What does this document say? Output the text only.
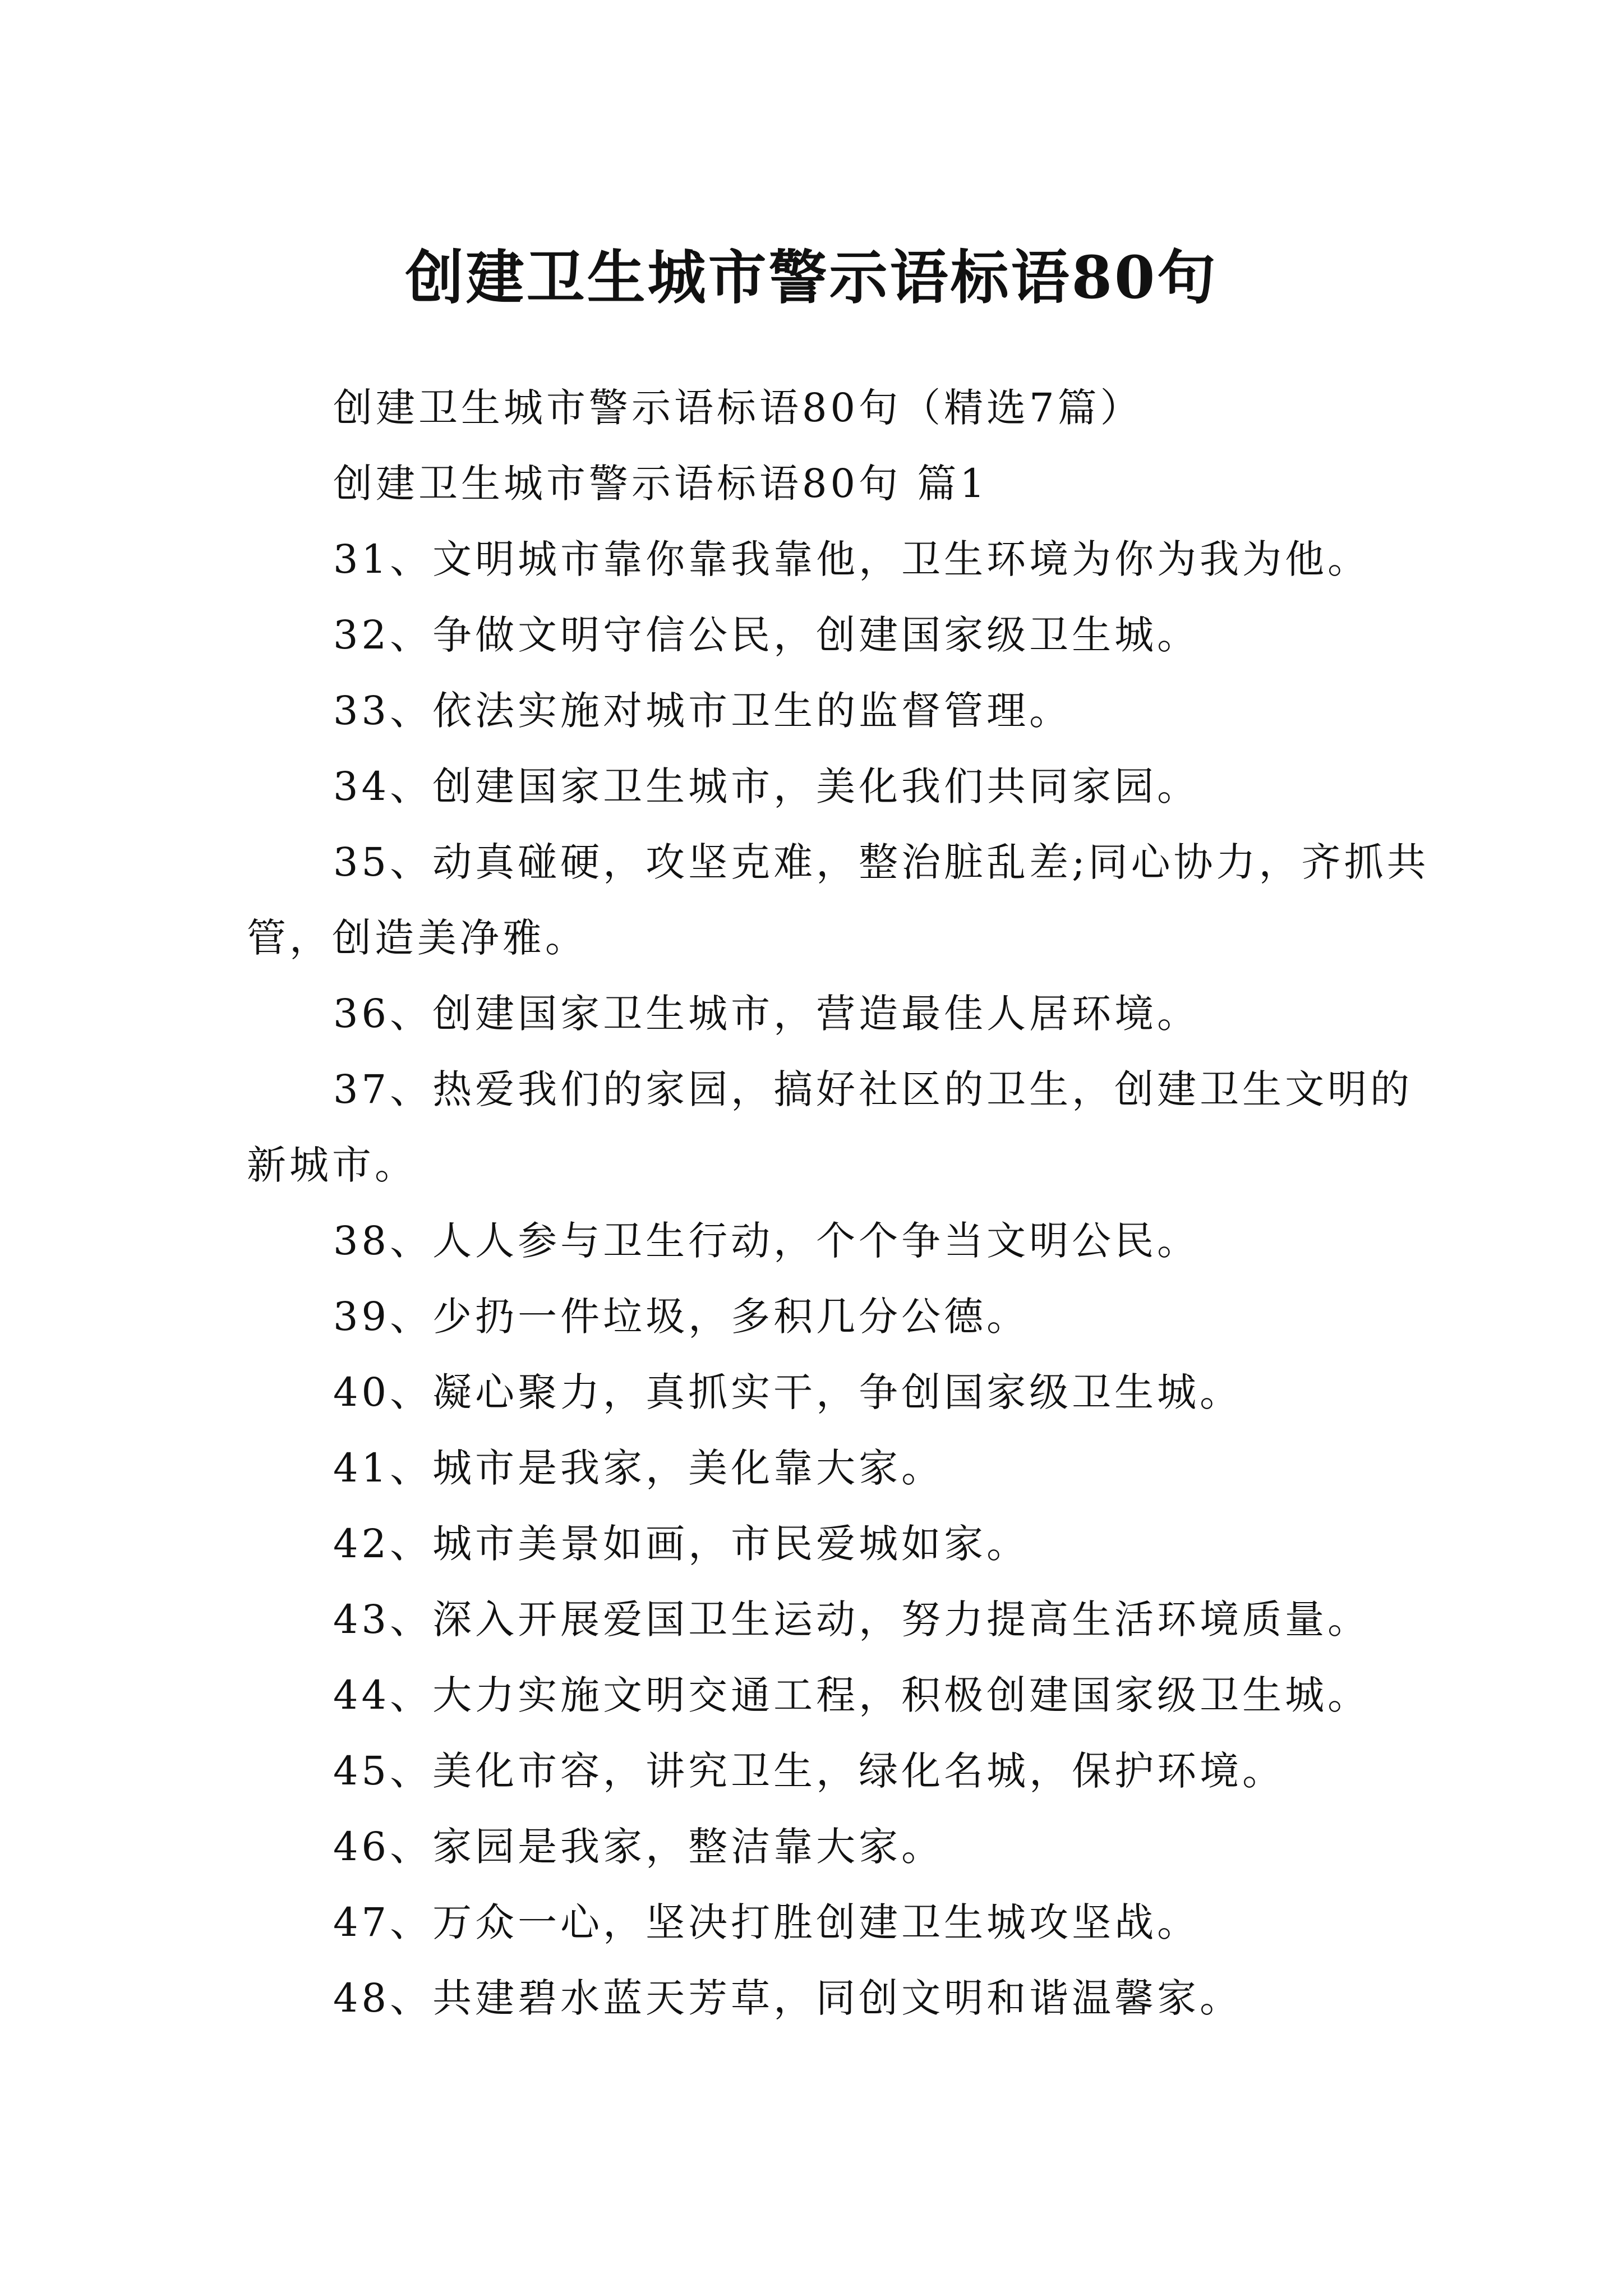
创建卫生城市警示语标语80句

创建卫生城市警示语标语80句（精选7篇）

创建卫生城市警示语标语80句 篇1

31、文明城市靠你靠我靠他，卫生环境为你为我为他。

32、争做文明守信公民，创建国家级卫生城。

33、依法实施对城市卫生的监督管理。

34、创建国家卫生城市，美化我们共同家园。

35、动真碰硬，攻坚克难，整治脏乱差;同心协力，齐抓共管，创造美净雅。

36、创建国家卫生城市，营造最佳人居环境。

37、热爱我们的家园，搞好社区的卫生，创建卫生文明的新城市。

38、人人参与卫生行动，个个争当文明公民。

39、少扔一件垃圾，多积几分公德。

40、凝心聚力，真抓实干，争创国家级卫生城。

41、城市是我家，美化靠大家。

42、城市美景如画，市民爱城如家。

43、深入开展爱国卫生运动，努力提高生活环境质量。

44、大力实施文明交通工程，积极创建国家级卫生城。

45、美化市容，讲究卫生，绿化名城，保护环境。

46、家园是我家，整洁靠大家。

47、万众一心，坚决打胜创建卫生城攻坚战。

48、共建碧水蓝天芳草，同创文明和谐温馨家。
